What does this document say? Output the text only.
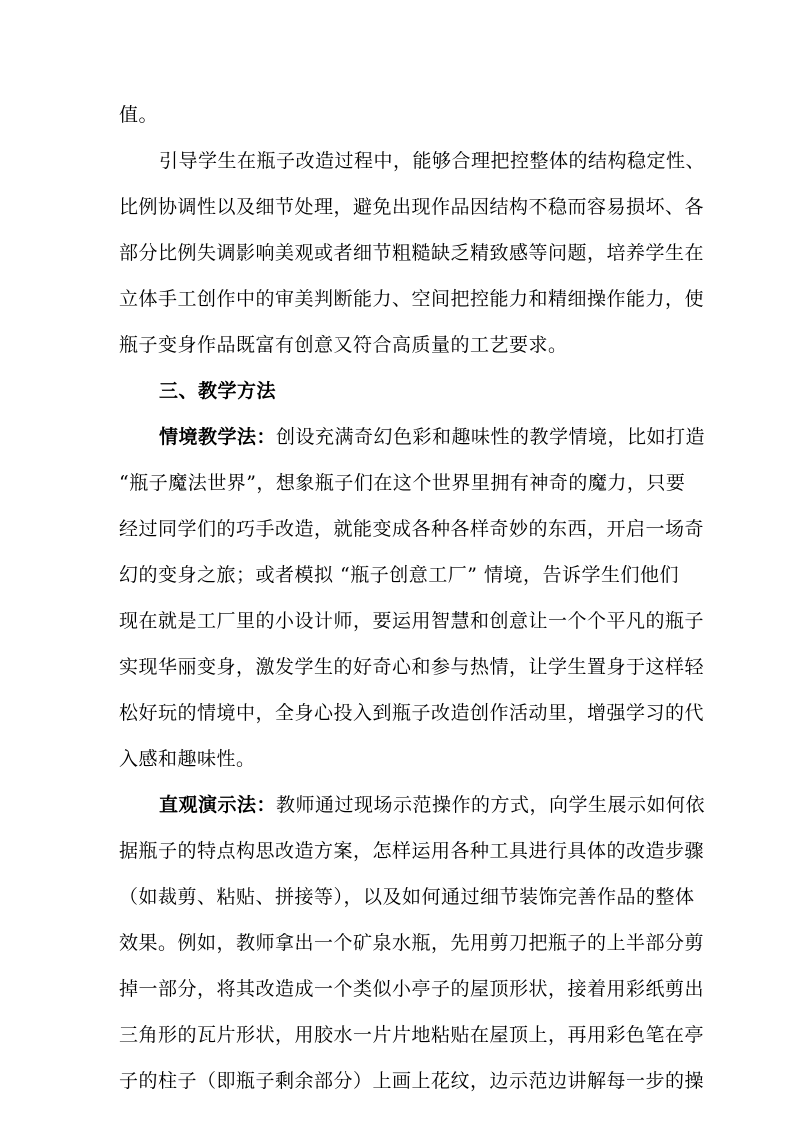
值。
引导学生在瓶子改造过程中，能够合理把控整体的结构稳定性、
比例协调性以及细节处理，避免出现作品因结构不稳而容易损坏、各
部分比例失调影响美观或者细节粗糙缺乏精致感等问题，培养学生在
立体手工创作中的审美判断能力、空间把控能力和精细操作能力，使
瓶子变身作品既富有创意又符合高质量的工艺要求。
三、教学方法
情境教学法：创设充满奇幻色彩和趣味性的教学情境，比如打造
“瓶子魔法世界”，想象瓶子们在这个世界里拥有神奇的魔力，只要
经过同学们的巧手改造，就能变成各种各样奇妙的东西，开启一场奇
幻的变身之旅；或者模拟 “瓶子创意工厂” 情境，告诉学生们他们
现在就是工厂里的小设计师，要运用智慧和创意让一个个平凡的瓶子
实现华丽变身，激发学生的好奇心和参与热情，让学生置身于这样轻
松好玩的情境中，全身心投入到瓶子改造创作活动里，增强学习的代
入感和趣味性。
直观演示法：教师通过现场示范操作的方式，向学生展示如何依
据瓶子的特点构思改造方案，怎样运用各种工具进行具体的改造步骤
（如裁剪、粘贴、拼接等），以及如何通过细节装饰完善作品的整体
效果。例如，教师拿出一个矿泉水瓶，先用剪刀把瓶子的上半部分剪
掉一部分，将其改造成一个类似小亭子的屋顶形状，接着用彩纸剪出
三角形的瓦片形状，用胶水一片片地粘贴在屋顶上，再用彩色笔在亭
子的柱子（即瓶子剩余部分）上画上花纹，边示范边讲解每一步的操
